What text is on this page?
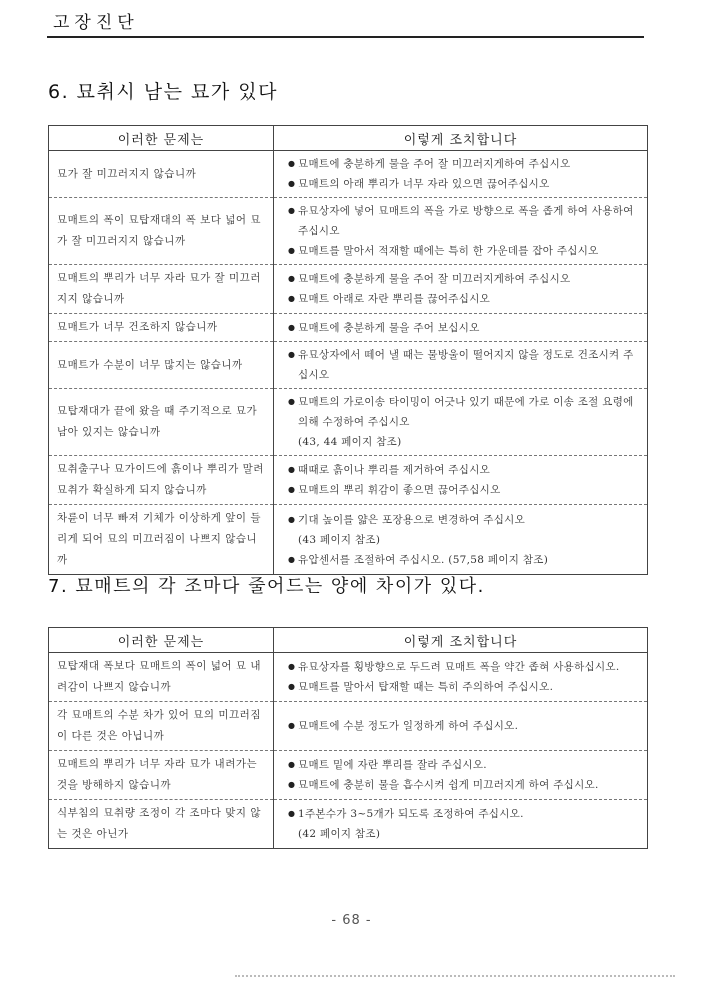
고장진단
6. 묘취시 남는 묘가 있다
이러한 문제는	이렇게 조치합니다
묘가 잘 미끄러지지 않습니까	● 묘매트에 충분하게 물을 주어 잘 미끄러지게하여 주십시오
● 묘매트의 아래 뿌리가 너무 자라 있으면 끊어주십시오

묘매트의 폭이 묘탑재대의 폭 보다 넓어 묘가 잘 미끄러지지 않습니까	● 유묘상자에 넣어 묘매트의 폭을 가로 방향으로 폭을 좁게 하여 사용하여 주십시오
● 묘매트를 말아서 적재할 때에는 특히 한 가운데를 잡아 주십시오

묘매트의 뿌리가 너무 자라 묘가 잘 미끄러지지 않습니까	● 묘매트에 충분하게 물을 주어 잘 미끄러지게하여 주십시오
● 묘매트 아래로 자란 뿌리를 끊어주십시오

묘매트가 너무 건조하지 않습니까	● 묘매트에 충분하게 물을 주어 보십시오

묘매트가 수분이 너무 많지는 않습니까	● 유묘상자에서 떼어 낼 때는 물방울이 떨어지지 않을 정도로 건조시켜 주십시오

묘탑재대가 끝에 왔을 때 주기적으로 묘가 남아 있지는 않습니까	● 묘매트의 가로이송 타이밍이 어긋나 있기 때문에 가로 이송 조절 요령에 의해 수정하여 주십시오
(43, 44 페이지 참조)

묘취출구나 묘가이드에 흙이나 뿌리가 말려 묘취가 확실하게 되지 않습니까	● 때때로 흙이나 뿌리를 제거하여 주십시오
● 묘매트의 뿌리 휘감이 좋으면 끊어주십시오

차륜이 너무 빠져 기체가 이상하게 앞이 들리게 되어 묘의 미끄러짐이 나쁘지 않습니까	● 기대 높이를 얇은 포장용으로 변경하여 주십시오
(43 페이지 참조)
● 유압센서를 조절하여 주십시오. (57,58 페이지 참조)
7. 묘매트의 각 조마다 줄어드는 양에 차이가 있다.
이러한 문제는	이렇게 조치합니다
묘탑재대 폭보다 묘매트의 폭이 넓어 묘 내려감이 나쁘지 않습니까	● 유묘상자를 횡방향으로 두드려 묘매트 폭을 약간 좁혀 사용하십시오.
● 묘매트를 말아서 탑재할 때는 특히 주의하여 주십시오.

각 묘매트의 수분 차가 있어 묘의 미끄러짐이 다른 것은 아닙니까	● 묘매트에 수분 정도가 일정하게 하여 주십시오.

묘매트의 뿌리가 너무 자라 묘가 내려가는 것을 방해하지 않습니까	● 묘매트 밑에 자란 뿌리를 잘라 주십시오.
● 묘매트에 충분히 물을 흡수시켜 쉽게 미끄러지게 하여 주십시오.

식부침의 묘취량 조정이 각 조마다 맞지 않는 것은 아닌가	● 1주본수가 3~5개가 되도록 조정하여 주십시오.
(42 페이지 참조)
- 68 -
